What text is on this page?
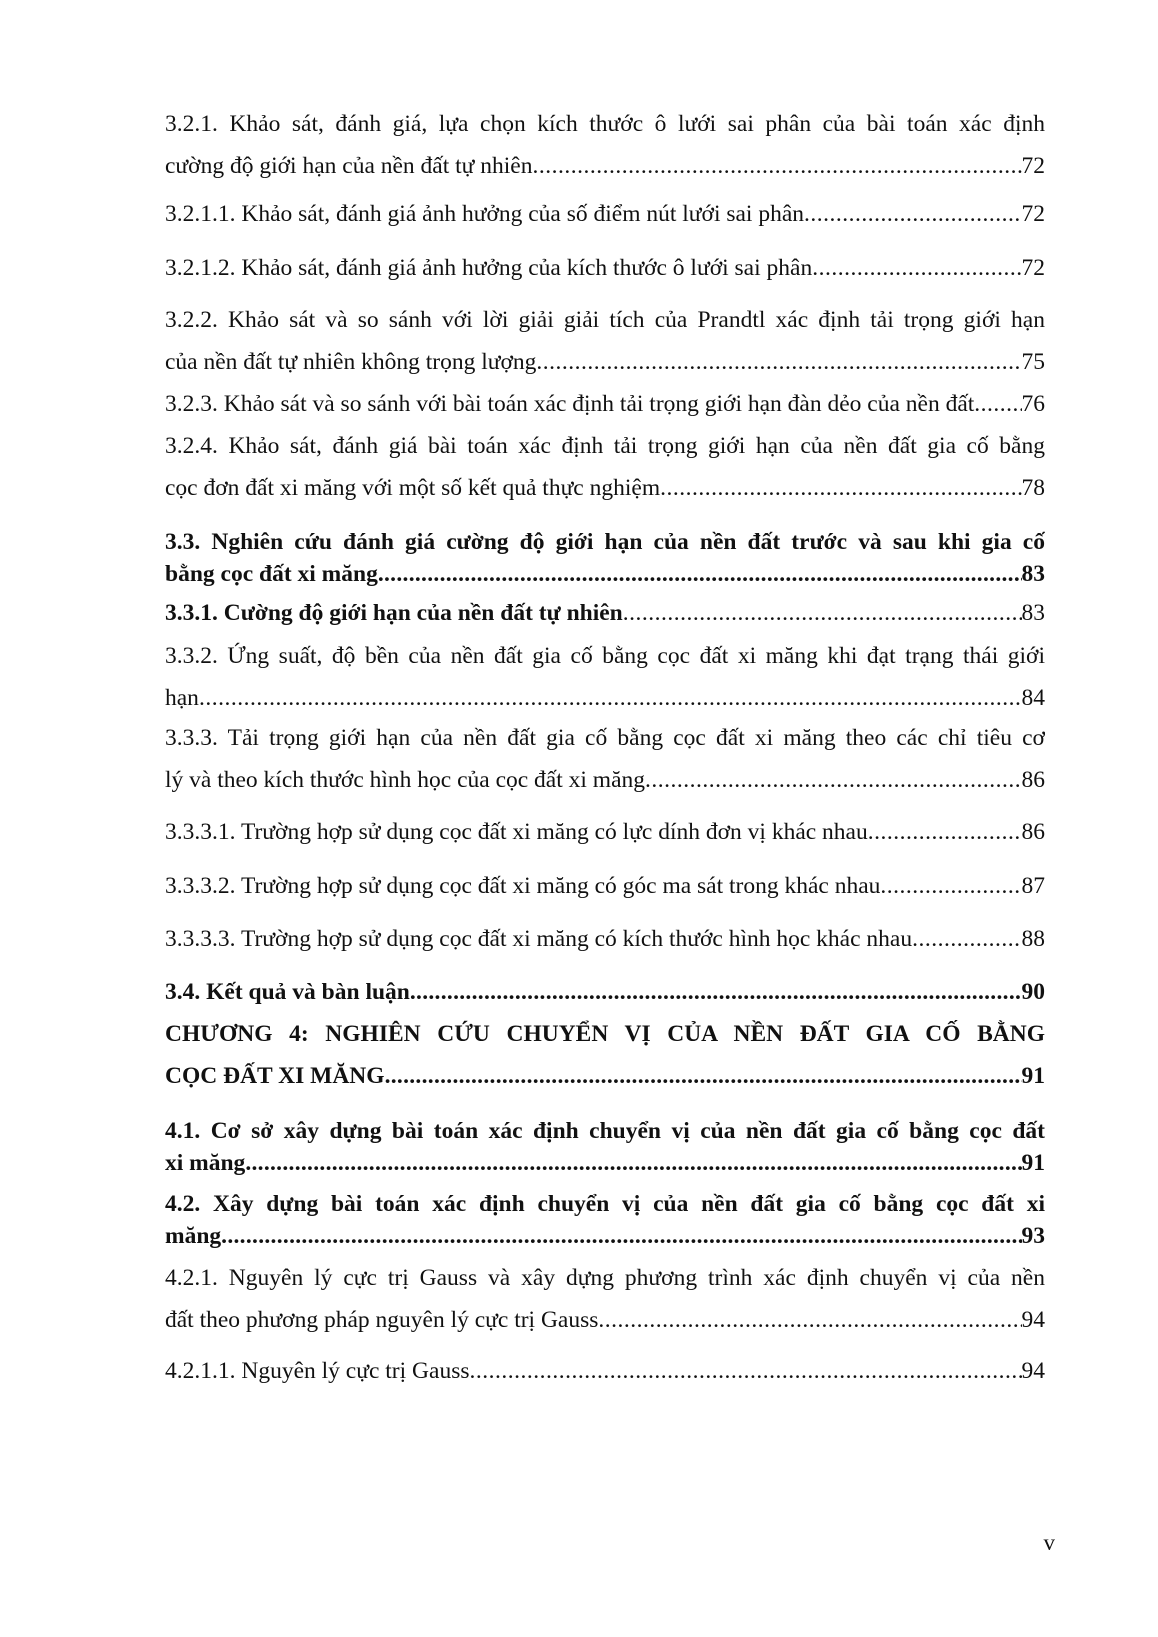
3.2.1. Khảo sát, đánh giá, lựa chọn kích thước ô lưới sai phân của bài toán xác định
cường độ giới hạn của nền đất tự nhiên .....	72
3.2.1.1. Khảo sát, đánh giá ảnh hưởng của số điểm nút lưới sai phân .....	72
3.2.1.2. Khảo sát, đánh giá ảnh hưởng của kích thước ô lưới sai phân .....	72
3.2.2. Khảo sát và so sánh với lời giải giải tích của Prandtl xác định tải trọng giới hạn
của nền đất tự nhiên không trọng lượng .....	75
3.2.3. Khảo sát và so sánh với bài toán xác định tải trọng giới hạn đàn dẻo của nền đất ..... 76
3.2.4. Khảo sát, đánh giá bài toán xác định tải trọng giới hạn của nền đất gia cố bằng
cọc đơn đất xi măng với một số kết quả thực nghiệm .....	78
3.3. Nghiên cứu đánh giá cường độ giới hạn của nền đất trước và sau khi gia cố
bằng cọc đất xi măng .....	83
3.3.1. Cường độ giới hạn của nền đất tự nhiên .....	83
3.3.2. Ứng suất, độ bền của nền đất gia cố bằng cọc đất xi măng khi đạt trạng thái giới
hạn .....	84
3.3.3. Tải trọng giới hạn của nền đất gia cố bằng cọc đất xi măng theo các chỉ tiêu cơ
lý và theo kích thước hình học của cọc đất xi măng .....	86
3.3.3.1. Trường hợp sử dụng cọc đất xi măng có lực dính đơn vị khác nhau .....	86
3.3.3.2. Trường hợp sử dụng cọc đất xi măng có góc ma sát trong khác nhau .....	87
3.3.3.3. Trường hợp sử dụng cọc đất xi măng có kích thước hình học khác nhau .....	88
3.4. Kết quả và bàn luận .....	90
CHƯƠNG 4: NGHIÊN CỨU CHUYỂN VỊ CỦA NỀN ĐẤT GIA CỐ BẰNG
CỌC ĐẤT XI MĂNG .....	91
4.1. Cơ sở xây dựng bài toán xác định chuyển vị của nền đất gia cố bằng cọc đất
xi măng .....	91
4.2. Xây dựng bài toán xác định chuyển vị của nền đất gia cố bằng cọc đất xi
măng .....	93
4.2.1. Nguyên lý cực trị Gauss và xây dựng phương trình xác định chuyển vị của nền
đất theo phương pháp nguyên lý cực trị Gauss .....	94
4.2.1.1. Nguyên lý cực trị Gauss .....	94
v
